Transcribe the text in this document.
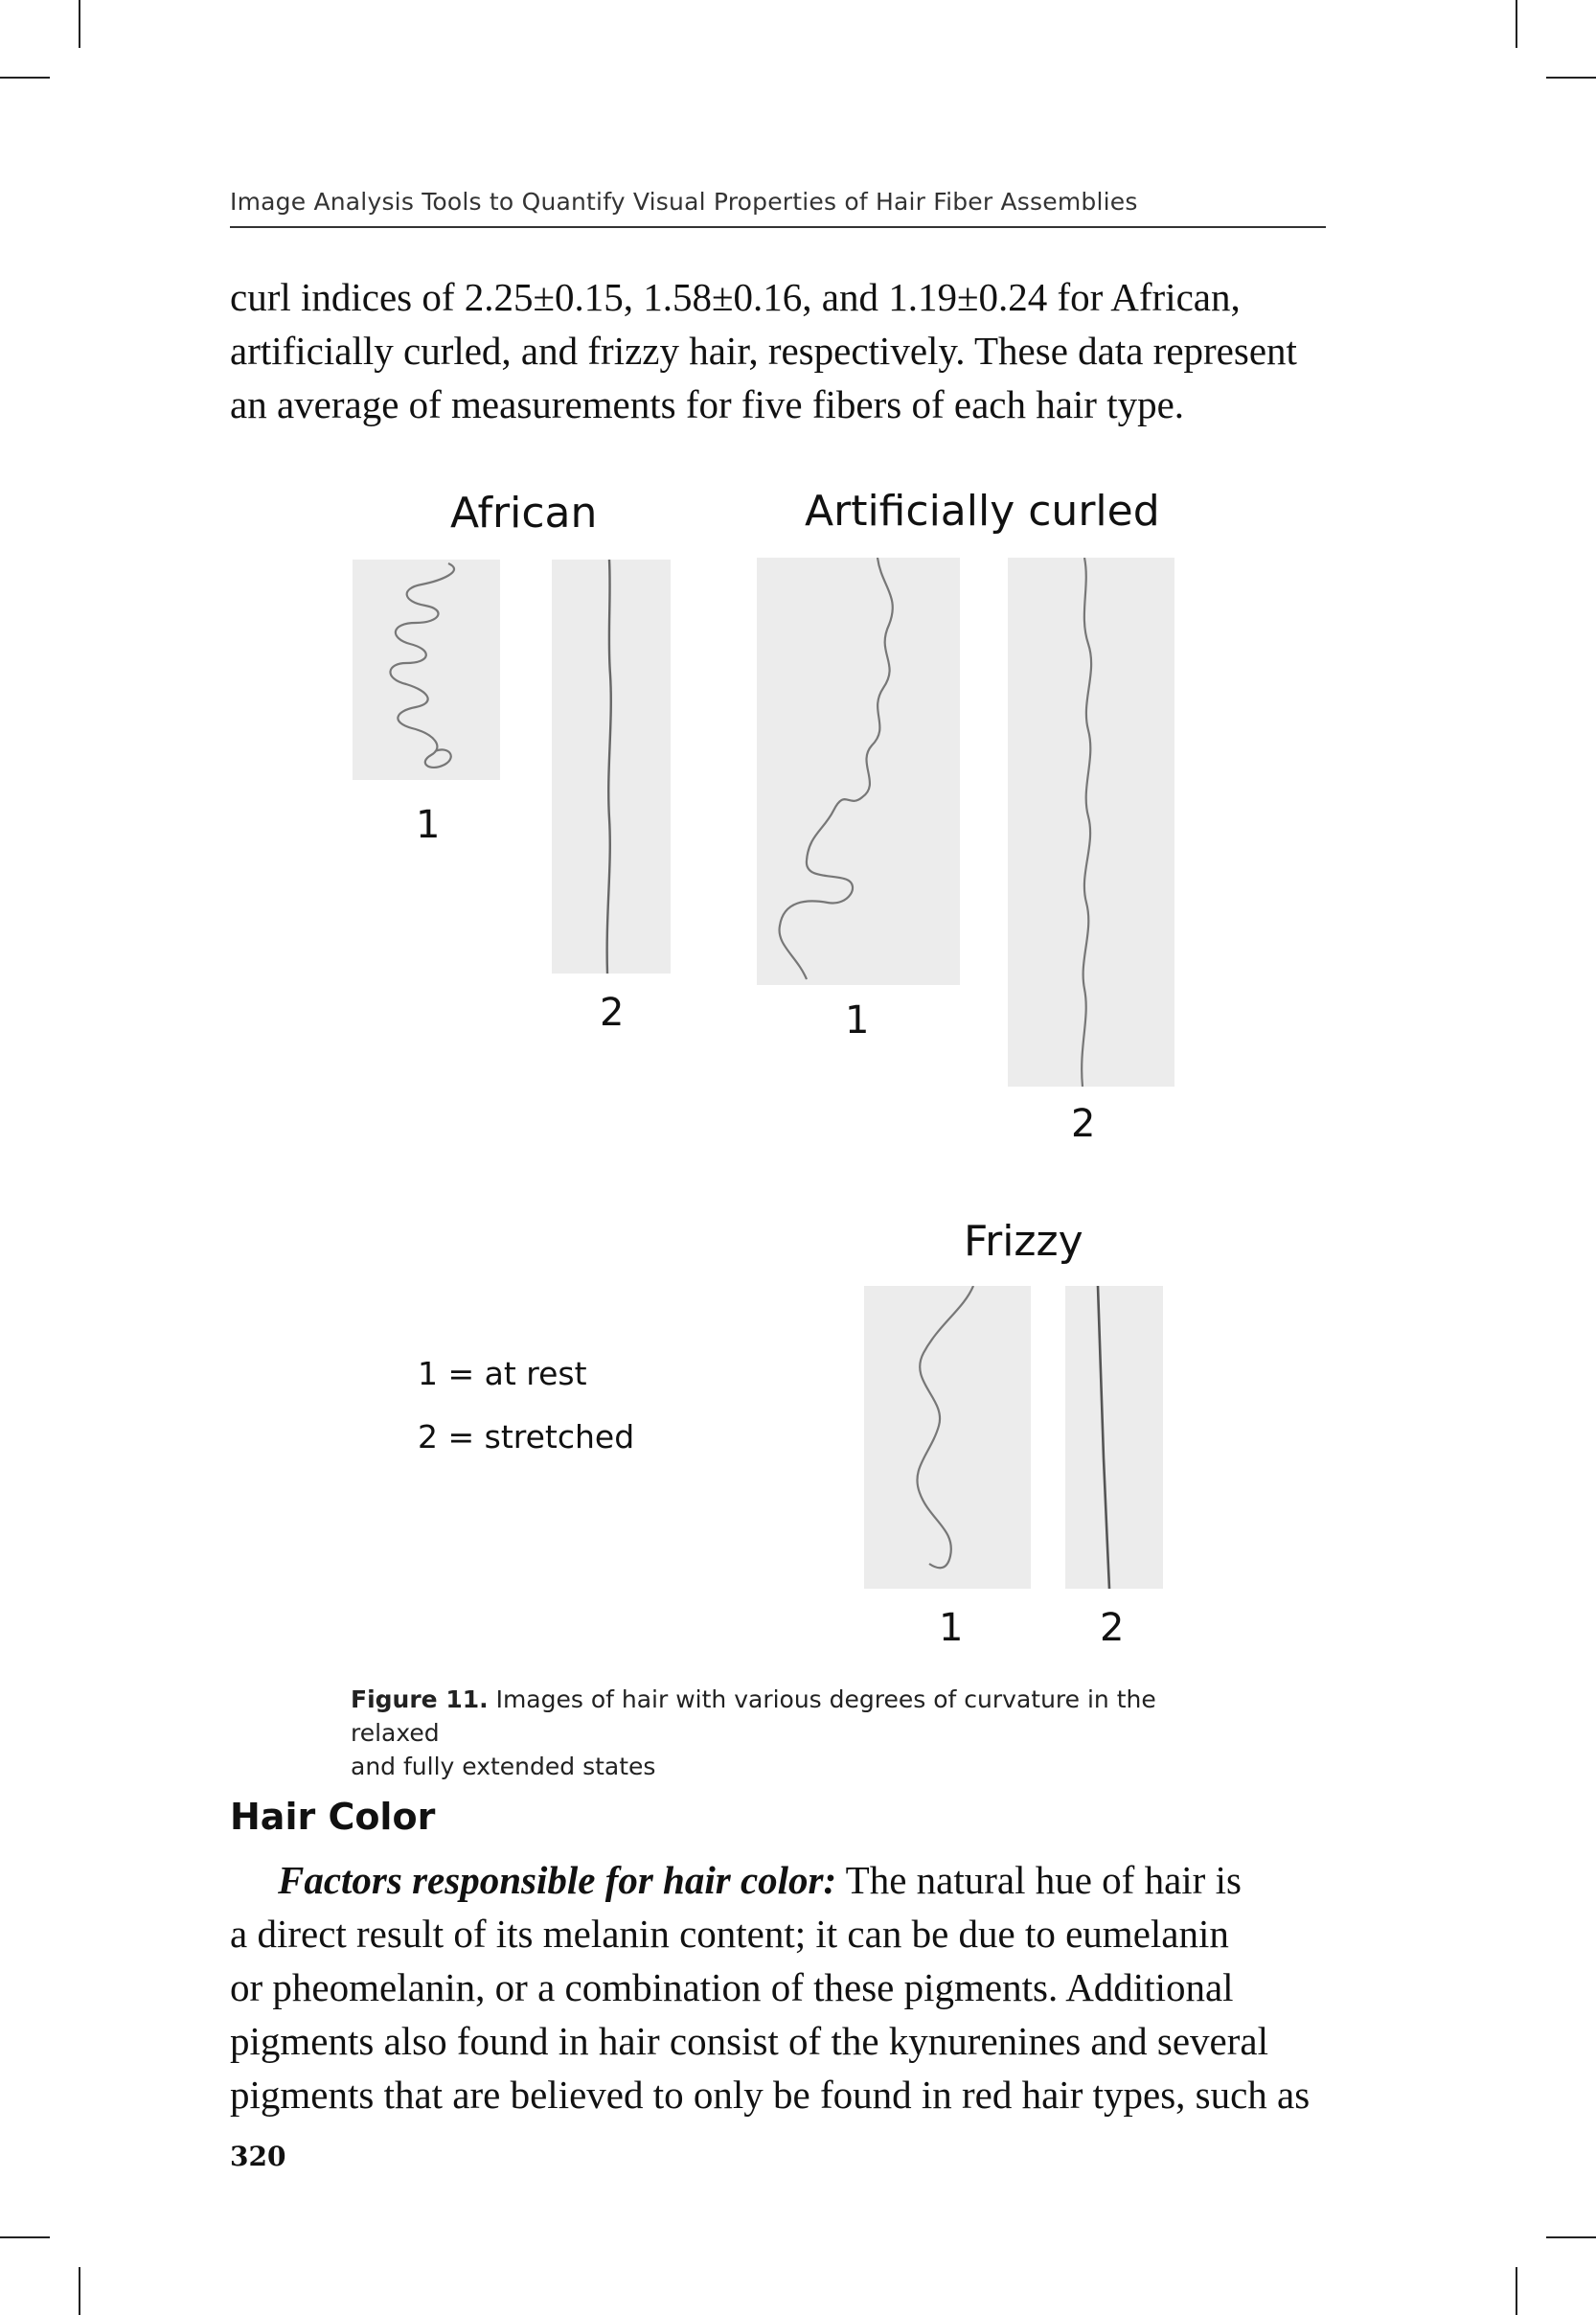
Image Analysis Tools to Quantify Visual Properties of Hair Fiber Assemblies
curl indices of 2.25±0.15, 1.58±0.16, and 1.19±0.24 for African,
artificially curled, and frizzy hair, respectively. These data represent
an average of measurements for five fibers of each hair type.
African
1
2
Artificially curled
1
2
Frizzy
1	2
1 = at rest
2 = stretched
Figure 11. Images of hair with various degrees of curvature in the relaxed
and fully extended states
Hair Color
Factors responsible for hair color: The natural hue of hair is
a direct result of its melanin content; it can be due to eumelanin
or pheomelanin, or a combination of these pigments. Additional
pigments also found in hair consist of the kynurenines and several
pigments that are believed to only be found in red hair types, such as
320
